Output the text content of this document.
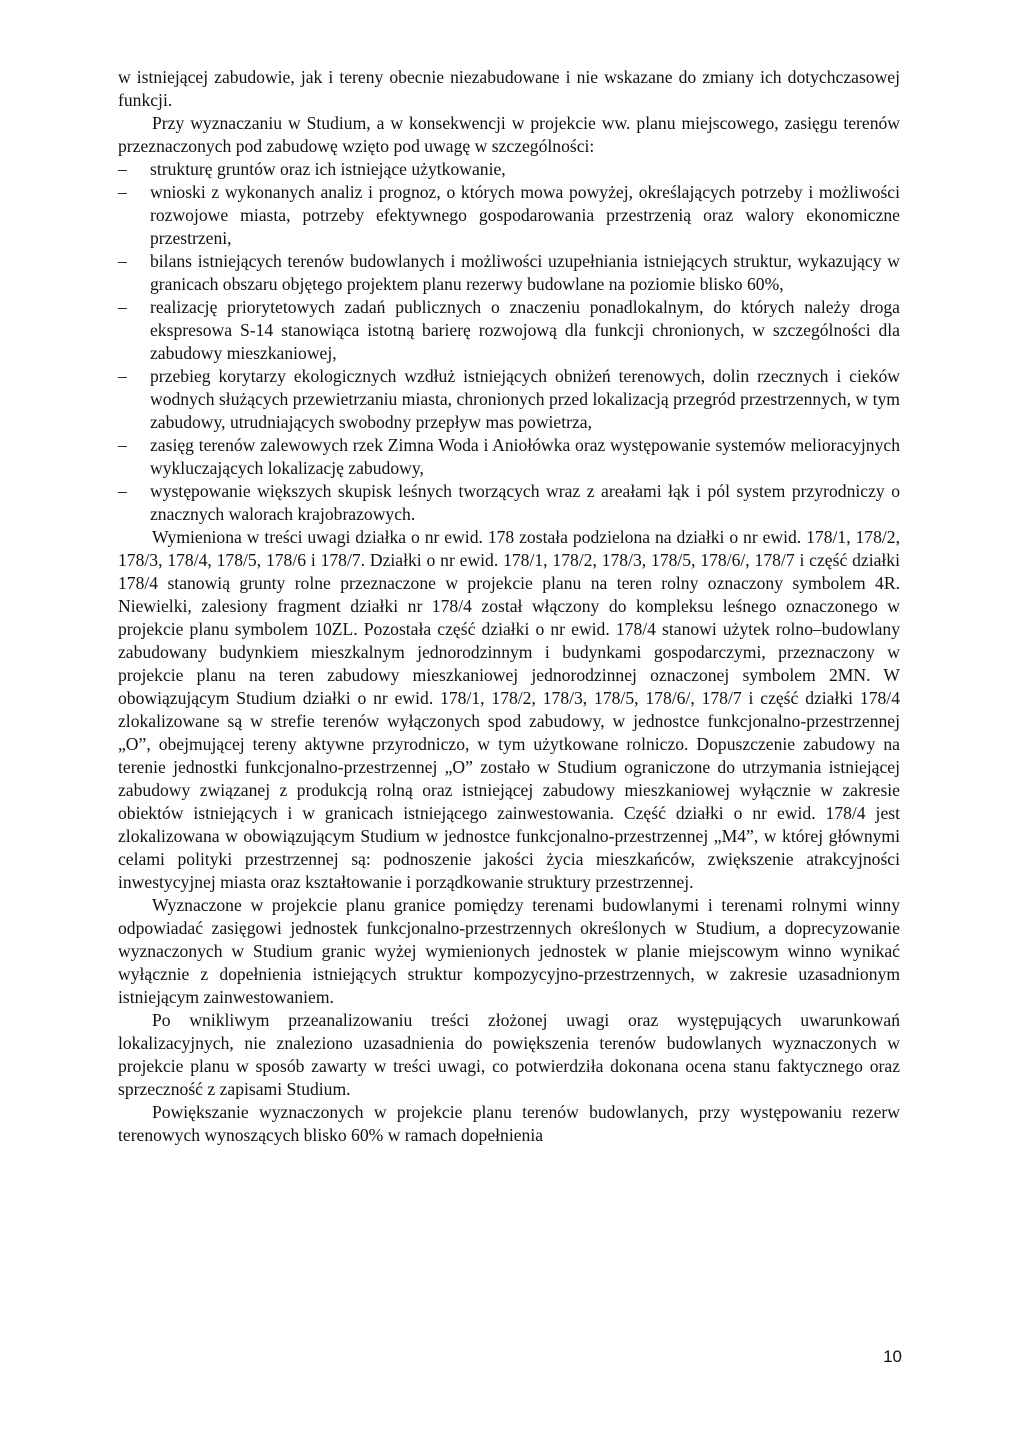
w istniejącej zabudowie, jak i tereny obecnie niezabudowane i nie wskazane do zmiany ich dotychczasowej funkcji.

Przy wyznaczaniu w Studium, a w konsekwencji w projekcie ww. planu miejscowego, zasięgu terenów przeznaczonych pod zabudowę wzięto pod uwagę w szczególności:

– strukturę gruntów oraz ich istniejące użytkowanie,
– wnioski z wykonanych analiz i prognoz, o których mowa powyżej, określających potrzeby i możliwości rozwojowe miasta, potrzeby efektywnego gospodarowania przestrzenią oraz walory ekonomiczne przestrzeni,
– bilans istniejących terenów budowlanych i możliwości uzupełniania istniejących struktur, wykazujący w granicach obszaru objętego projektem planu rezerwy budowlane na poziomie blisko 60%,
– realizację priorytetowych zadań publicznych o znaczeniu ponadlokalnym, do których należy droga ekspresowa S-14 stanowiąca istotną barierę rozwojową dla funkcji chronionych, w szczególności dla zabudowy mieszkaniowej,
– przebieg korytarzy ekologicznych wzdłuż istniejących obniżeń terenowych, dolin rzecznych i cieków wodnych służących przewietrzaniu miasta, chronionych przed lokalizacją przegród przestrzennych, w tym zabudowy, utrudniających swobodny przepływ mas powietrza,
– zasięg terenów zalewowych rzek Zimna Woda i Aniołówka oraz występowanie systemów melioracyjnych wykluczających lokalizację zabudowy,
– występowanie większych skupisk leśnych tworzących wraz z areałami łąk i pól system przyrodniczy o znacznych walorach krajobrazowych.

Wymieniona w treści uwagi działka o nr ewid. 178 została podzielona na działki o nr ewid. 178/1, 178/2, 178/3, 178/4, 178/5, 178/6 i 178/7. Działki o nr ewid. 178/1, 178/2, 178/3, 178/5, 178/6/, 178/7 i część działki 178/4 stanowią grunty rolne przeznaczone w projekcie planu na teren rolny oznaczony symbolem 4R. Niewielki, zalesiony fragment działki nr 178/4 został włączony do kompleksu leśnego oznaczonego w projekcie planu symbolem 10ZL. Pozostała część działki o nr ewid. 178/4 stanowi użytek rolno–budowlany zabudowany budynkiem mieszkalnym jednorodzinnym i budynkami gospodarczymi, przeznaczony w projekcie planu na teren zabudowy mieszkaniowej jednorodzinnej oznaczonej symbolem 2MN. W obowiązującym Studium działki o nr ewid. 178/1, 178/2, 178/3, 178/5, 178/6/, 178/7 i część działki 178/4 zlokalizowane są w strefie terenów wyłączonych spod zabudowy, w jednostce funkcjonalno-przestrzennej „O”, obejmującej tereny aktywne przyrodniczo, w tym użytkowane rolniczo. Dopuszczenie zabudowy na terenie jednostki funkcjonalno-przestrzennej „O” zostało w Studium ograniczone do utrzymania istniejącej zabudowy związanej z produkcją rolną oraz istniejącej zabudowy mieszkaniowej wyłącznie w zakresie obiektów istniejących i w granicach istniejącego zainwestowania. Część działki o nr ewid. 178/4 jest zlokalizowana w obowiązującym Studium w jednostce funkcjonalno-przestrzennej „M4”, w której głównymi celami polityki przestrzennej są: podnoszenie jakości życia mieszkańców, zwiększenie atrakcyjności inwestycyjnej miasta oraz kształtowanie i porządkowanie struktury przestrzennej.

Wyznaczone w projekcie planu granice pomiędzy terenami budowlanymi i terenami rolnymi winny odpowiadać zasięgowi jednostek funkcjonalno-przestrzennych określonych w Studium, a doprecyzowanie wyznaczonych w Studium granic wyżej wymienionych jednostek w planie miejscowym winno wynikać wyłącznie z dopełnienia istniejących struktur kompozycyjno-przestrzennych, w zakresie uzasadnionym istniejącym zainwestowaniem.

Po wnikliwym przeanalizowaniu treści złożonej uwagi oraz występujących uwarunkowań lokalizacyjnych, nie znaleziono uzasadnienia do powiększenia terenów budowlanych wyznaczonych w projekcie planu w sposób zawarty w treści uwagi, co potwierdziła dokonana ocena stanu faktycznego oraz sprzeczność z zapisami Studium.

Powiększanie wyznaczonych w projekcie planu terenów budowlanych, przy występowaniu rezerw terenowych wynoszących blisko 60% w ramach dopełnienia

10
